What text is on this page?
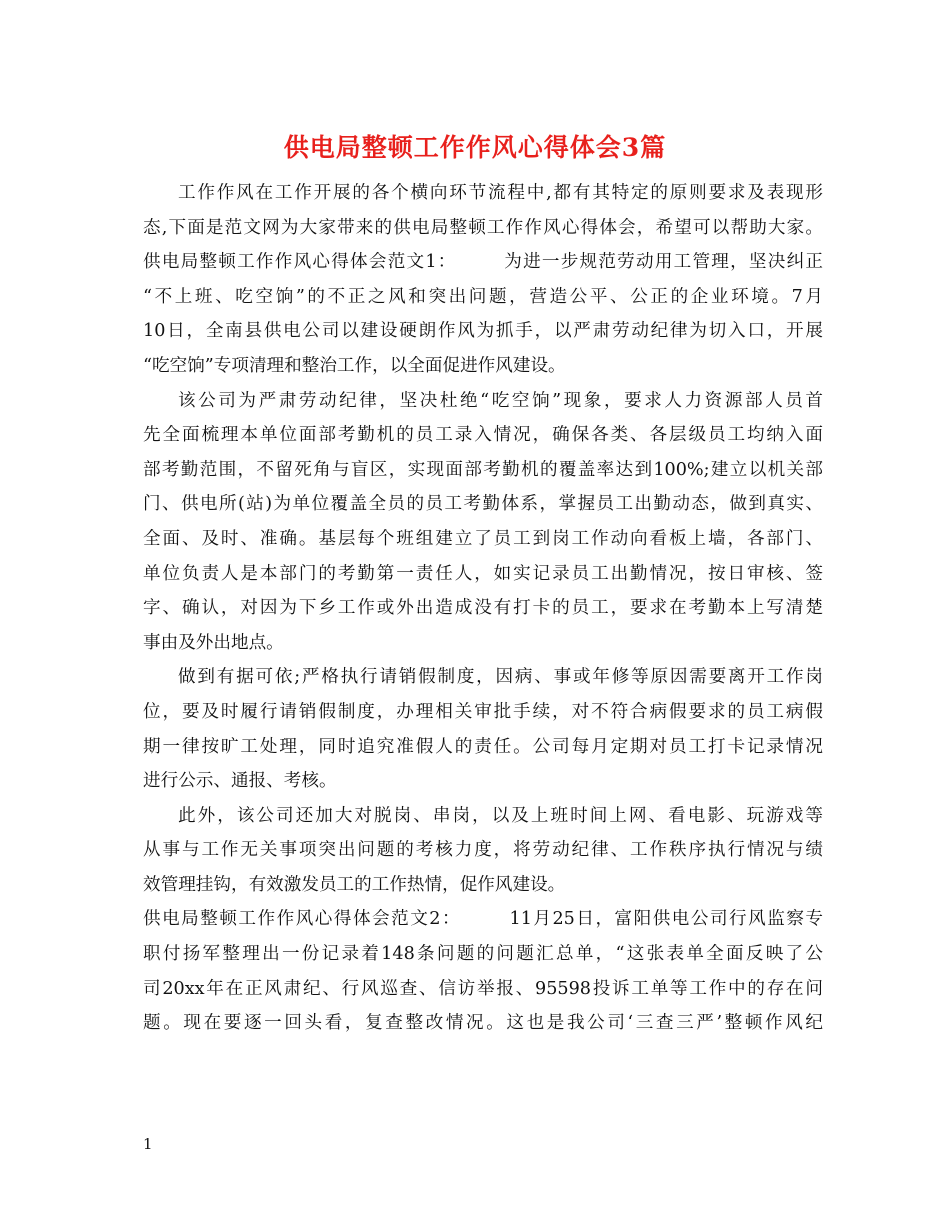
供电局整顿工作作风心得体会3篇
工作作风在工作开展的各个横向环节流程中,都有其特定的原则要求及表现形
态,下面是范文网为大家带来的供电局整顿工作作风心得体会，希望可以帮助大家。
供电局整顿工作作风心得体会范文1：　　　为进一步规范劳动用工管理，坚决纠正
“不上班、吃空饷”的不正之风和突出问题，营造公平、公正的企业环境。7月
10日，全南县供电公司以建设硬朗作风为抓手，以严肃劳动纪律为切入口，开展
“吃空饷”专项清理和整治工作，以全面促进作风建设。
该公司为严肃劳动纪律，坚决杜绝“吃空饷”现象，要求人力资源部人员首
先全面梳理本单位面部考勤机的员工录入情况，确保各类、各层级员工均纳入面
部考勤范围，不留死角与盲区，实现面部考勤机的覆盖率达到100%;建立以机关部
门、供电所(站)为单位覆盖全员的员工考勤体系，掌握员工出勤动态，做到真实、
全面、及时、准确。基层每个班组建立了员工到岗工作动向看板上墙，各部门、
单位负责人是本部门的考勤第一责任人，如实记录员工出勤情况，按日审核、签
字、确认，对因为下乡工作或外出造成没有打卡的员工，要求在考勤本上写清楚
事由及外出地点。
做到有据可依;严格执行请销假制度，因病、事或年修等原因需要离开工作岗
位，要及时履行请销假制度，办理相关审批手续，对不符合病假要求的员工病假
期一律按旷工处理，同时追究准假人的责任。公司每月定期对员工打卡记录情况
进行公示、通报、考核。
此外，该公司还加大对脱岗、串岗，以及上班时间上网、看电影、玩游戏等
从事与工作无关事项突出问题的考核力度，将劳动纪律、工作秩序执行情况与绩
效管理挂钩，有效激发员工的工作热情，促作风建设。
供电局整顿工作作风心得体会范文2：　　　11月25日，富阳供电公司行风监察专
职付扬军整理出一份记录着148条问题的问题汇总单，“这张表单全面反映了公
司20xx年在正风肃纪、行风巡查、信访举报、95598投诉工单等工作中的存在问
题。现在要逐一回头看，复查整改情况。这也是我公司‘三查三严’整顿作风纪
1
